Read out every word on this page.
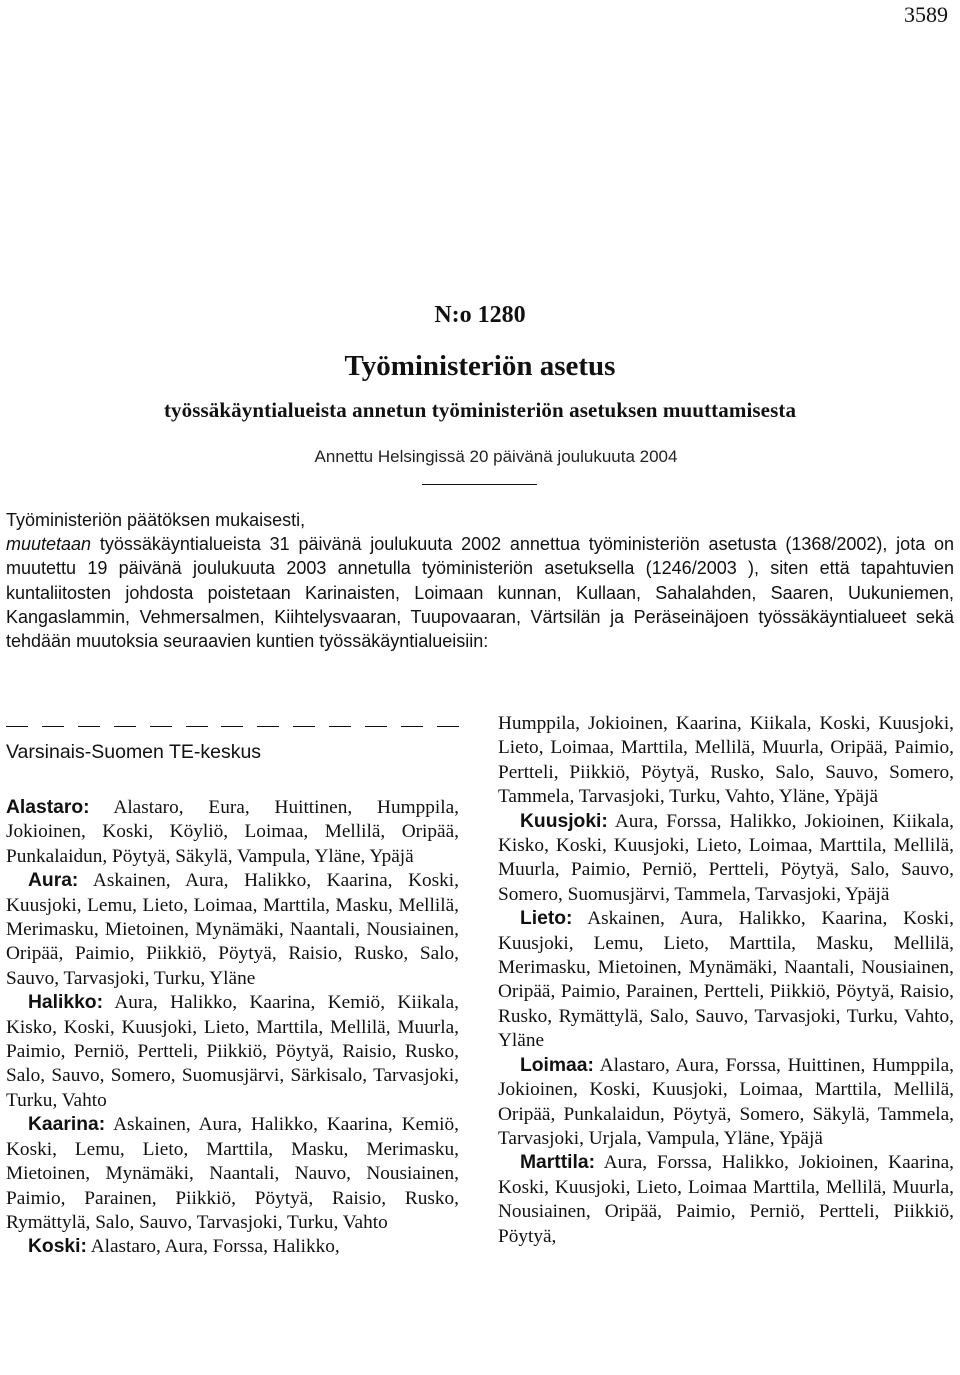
3589
N:o 1280
Työministeriön asetus
työssäkäyntialueista annetun työministeriön asetuksen muuttamisesta
Annettu Helsingissä 20 päivänä joulukuuta 2004
Työministeriön päätöksen mukaisesti,
muutetaan työssäkäyntialueista 31 päivänä joulukuuta 2002 annettua työministeriön asetusta (1368/2002), jota on muutettu 19 päivänä joulukuuta 2003 annetulla työministeriön asetuksella (1246/2003 ), siten että tapahtuvien kuntaliitosten johdosta poistetaan Karinaisten, Loimaan kunnan, Kullaan, Sahalahden, Saaren, Uukuniemen, Kangaslammin, Vehmersalmen, Kiihtelysvaaran, Tuupovaaran, Värtsilän ja Peräseinäjoen työssäkäyntialueet sekä tehdään muutoksia seuraavien kuntien työssäkäyntialueisiin:

Varsinais-Suomen TE-keskus

Alastaro: Alastaro, Eura, Huittinen, Humppila, Jokioinen, Koski, Köyliö, Loimaa, Mellilä, Oripää, Punkalaidun, Pöytyä, Säkylä, Vampula, Yläne, Ypäjä

Aura: Askainen, Aura, Halikko, Kaarina, Koski, Kuusjoki, Lemu, Lieto, Loimaa, Marttila, Masku, Mellilä, Merimasku, Mietoinen, Mynämäki, Naantali, Nousiainen, Oripää, Paimio, Piikkiö, Pöytyä, Raisio, Rusko, Salo, Sauvo, Tarvasjoki, Turku, Yläne

Halikko: Aura, Halikko, Kaarina, Kemiö, Kiikala, Kisko, Koski, Kuusjoki, Lieto, Marttila, Mellilä, Muurla, Paimio, Perniö, Pertteli, Piikkiö, Pöytyä, Raisio, Rusko, Salo, Sauvo, Somero, Suomusjärvi, Särkisalo, Tarvasjoki, Turku, Vahto

Kaarina: Askainen, Aura, Halikko, Kaarina, Kemiö, Koski, Lemu, Lieto, Marttila, Masku, Merimasku, Mietoinen, Mynämäki, Naantali, Nauvo, Nousiainen, Paimio, Parainen, Piikkiö, Pöytyä, Raisio, Rusko, Rymättylä, Salo, Sauvo, Tarvasjoki, Turku, Vahto

Koski: Alastaro, Aura, Forssa, Halikko,

Humppila, Jokioinen, Kaarina, Kiikala, Koski, Kuusjoki, Lieto, Loimaa, Marttila, Mellilä, Muurla, Oripää, Paimio, Pertteli, Piikkiö, Pöytyä, Rusko, Salo, Sauvo, Somero, Tammela, Tarvasjoki, Turku, Vahto, Yläne, Ypäjä

Kuusjoki: Aura, Forssa, Halikko, Jokioinen, Kiikala, Kisko, Koski, Kuusjoki, Lieto, Loimaa, Marttila, Mellilä, Muurla, Paimio, Perniö, Pertteli, Pöytyä, Salo, Sauvo, Somero, Suomusjärvi, Tammela, Tarvasjoki, Ypäjä

Lieto: Askainen, Aura, Halikko, Kaarina, Koski, Kuusjoki, Lemu, Lieto, Marttila, Masku, Mellilä, Merimasku, Mietoinen, Mynämäki, Naantali, Nousiainen, Oripää, Paimio, Parainen, Pertteli, Piikkiö, Pöytyä, Raisio, Rusko, Rymättylä, Salo, Sauvo, Tarvasjoki, Turku, Vahto, Yläne

Loimaa: Alastaro, Aura, Forssa, Huittinen, Humppila, Jokioinen, Koski, Kuusjoki, Loimaa, Marttila, Mellilä, Oripää, Punkalaidun, Pöytyä, Somero, Säkylä, Tammela, Tarvasjoki, Urjala, Vampula, Yläne, Ypäjä

Marttila: Aura, Forssa, Halikko, Jokioinen, Kaarina, Koski, Kuusjoki, Lieto, Loimaa Marttila, Mellilä, Muurla, Nousiainen, Oripää, Paimio, Perniö, Pertteli, Piikkiö, Pöytyä,
